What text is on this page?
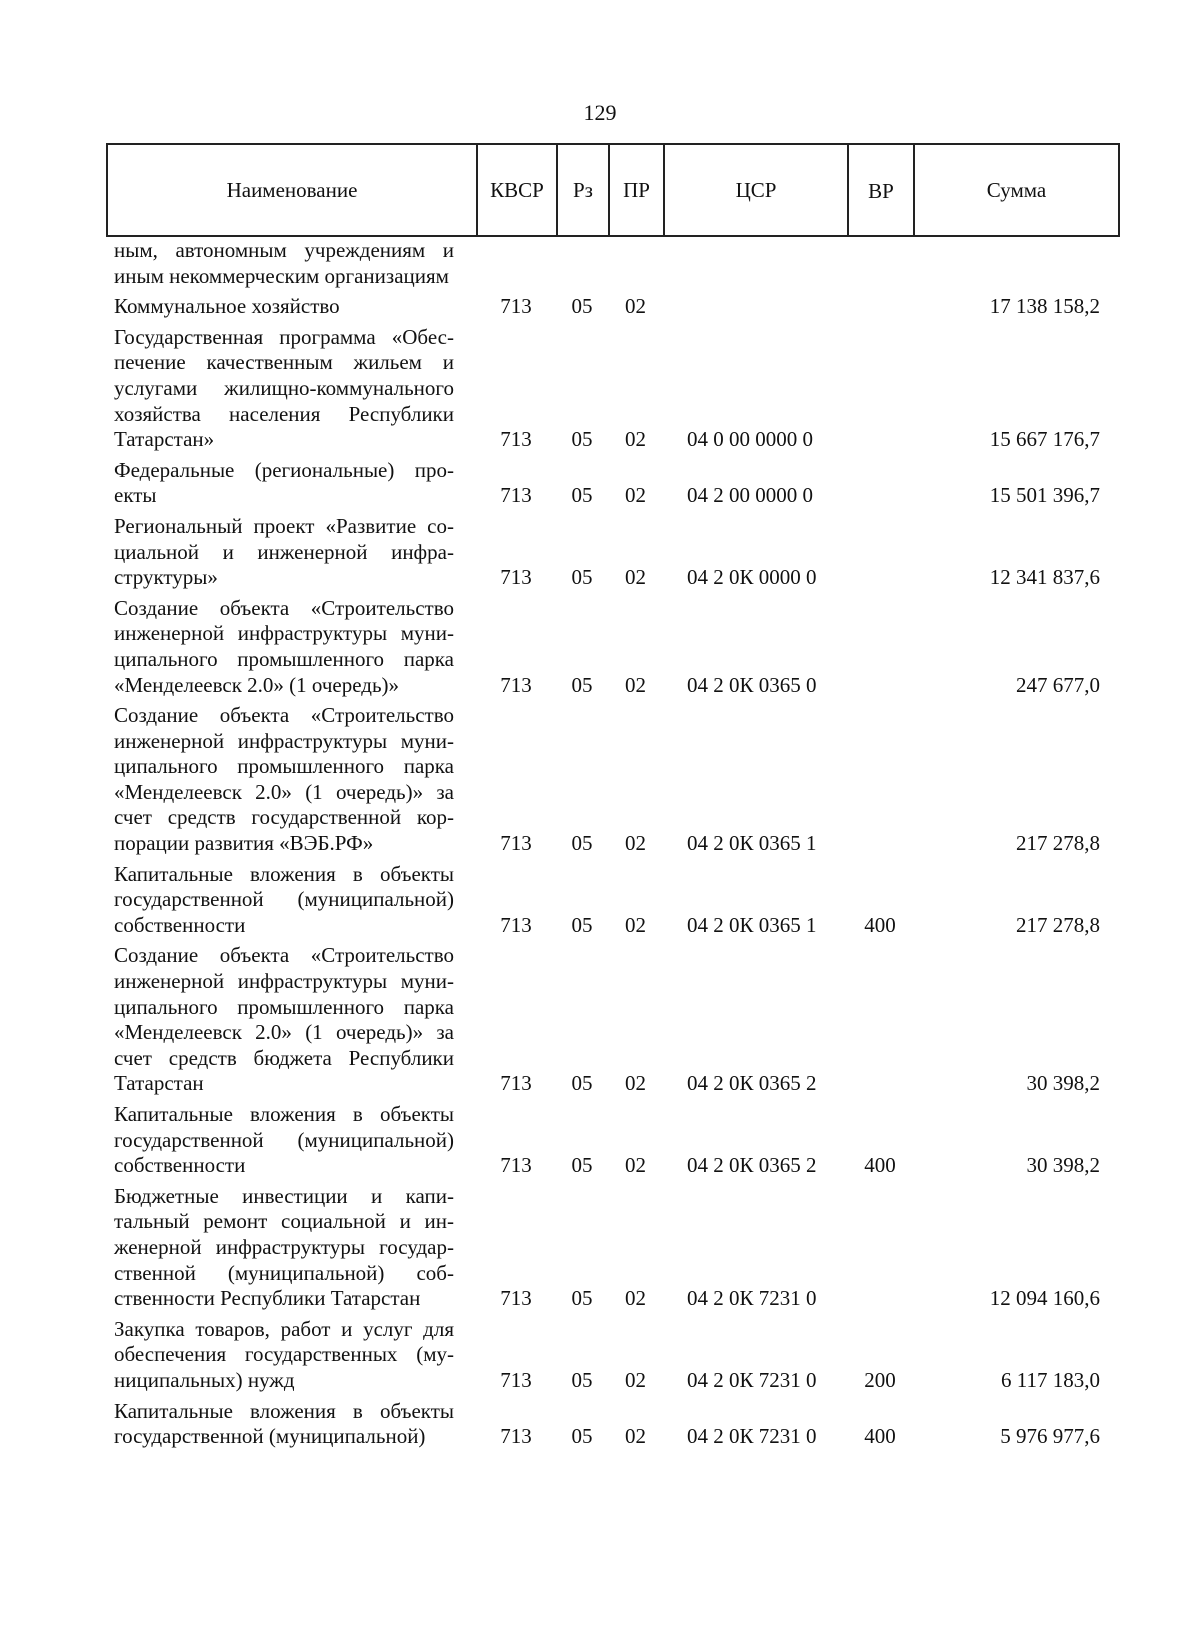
129
Наименование	КВСР	Рз	ПР	ЦСР	ВР	Сумма
ным, автономным учреждениям и иным некоммерческим организациям						
Коммунальное хозяйство	713	05	02			17 138 158,2
Государственная программа «Обеспечение качественным жильем и услугами жилищно-коммунального хозяйства населения Республики Татарстан»	713	05	02	04 0 00 0000 0		15 667 176,7
Федеральные (региональные) проекты	713	05	02	04 2 00 0000 0		15 501 396,7
Региональный проект «Развитие социальной и инженерной инфраструктуры»	713	05	02	04 2 0К 0000 0		12 341 837,6
Создание объекта «Строительство инженерной инфраструктуры муниципального промышленного парка «Менделеевск 2.0» (1 очередь)»	713	05	02	04 2 0К 0365 0		247 677,0
Создание объекта «Строительство инженерной инфраструктуры муниципального промышленного парка «Менделеевск 2.0» (1 очередь)» за счет средств государственной корпорации развития «ВЭБ.РФ»	713	05	02	04 2 0К 0365 1		217 278,8
Капитальные вложения в объекты государственной (муниципальной) собственности	713	05	02	04 2 0К 0365 1	400	217 278,8
Создание объекта «Строительство инженерной инфраструктуры муниципального промышленного парка «Менделеевск 2.0» (1 очередь)» за счет средств бюджета Республики Татарстан	713	05	02	04 2 0К 0365 2		30 398,2
Капитальные вложения в объекты государственной (муниципальной) собственности	713	05	02	04 2 0К 0365 2	400	30 398,2
Бюджетные инвестиции и капитальный ремонт социальной и инженерной инфраструктуры государственной (муниципальной) собственности Республики Татарстан	713	05	02	04 2 0К 7231 0		12 094 160,6
Закупка товаров, работ и услуг для обеспечения государственных (муниципальных) нужд	713	05	02	04 2 0К 7231 0	200	6 117 183,0
Капитальные вложения в объекты государственной (муниципальной)	713	05	02	04 2 0К 7231 0	400	5 976 977,6
